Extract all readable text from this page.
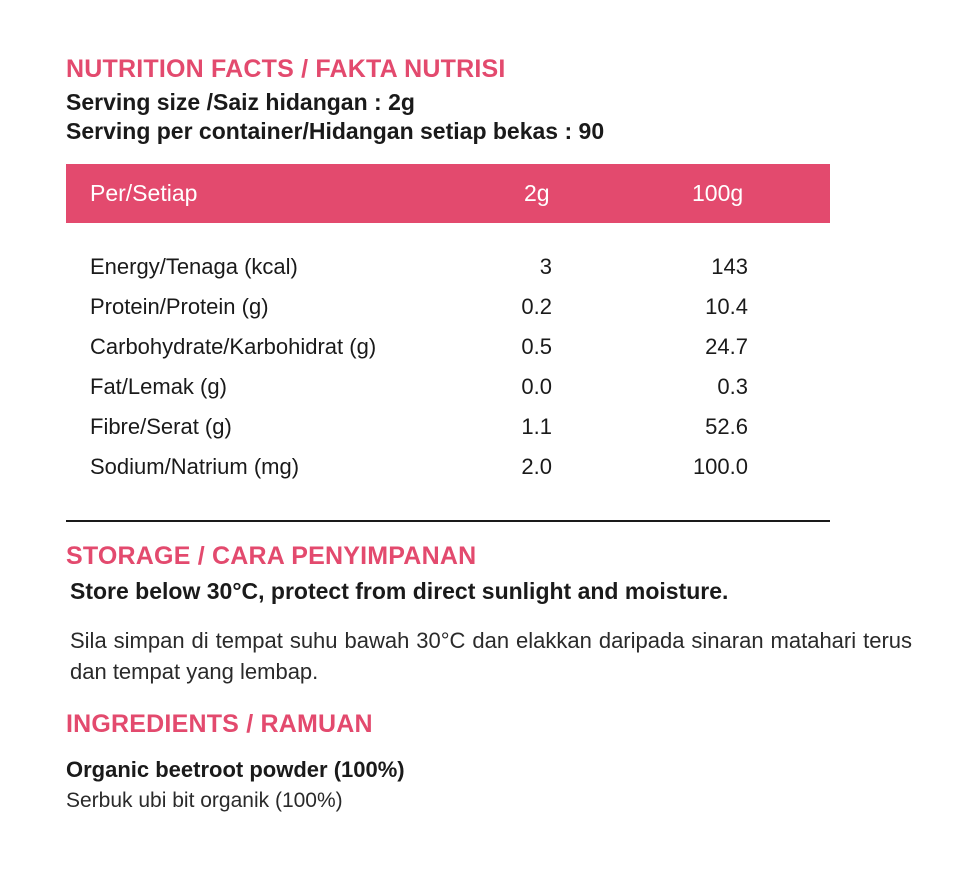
NUTRITION FACTS / FAKTA NUTRISI
Serving size /Saiz hidangan : 2g
Serving per container/Hidangan setiap bekas : 90
Per/Setiap	2g	100g
Energy/Tenaga (kcal)	3	143
Protein/Protein (g)	0.2	10.4
Carbohydrate/Karbohidrat (g)	0.5	24.7
Fat/Lemak (g)	0.0	0.3
Fibre/Serat (g)	1.1	52.6
Sodium/Natrium (mg)	2.0	100.0
STORAGE / CARA PENYIMPANAN
Store below 30°C, protect from direct sunlight and moisture.
Sila simpan di tempat suhu bawah 30°C dan elakkan daripada sinaran matahari terus dan tempat yang lembap.
INGREDIENTS / RAMUAN
Organic beetroot powder (100%)
Serbuk ubi bit organik (100%)
